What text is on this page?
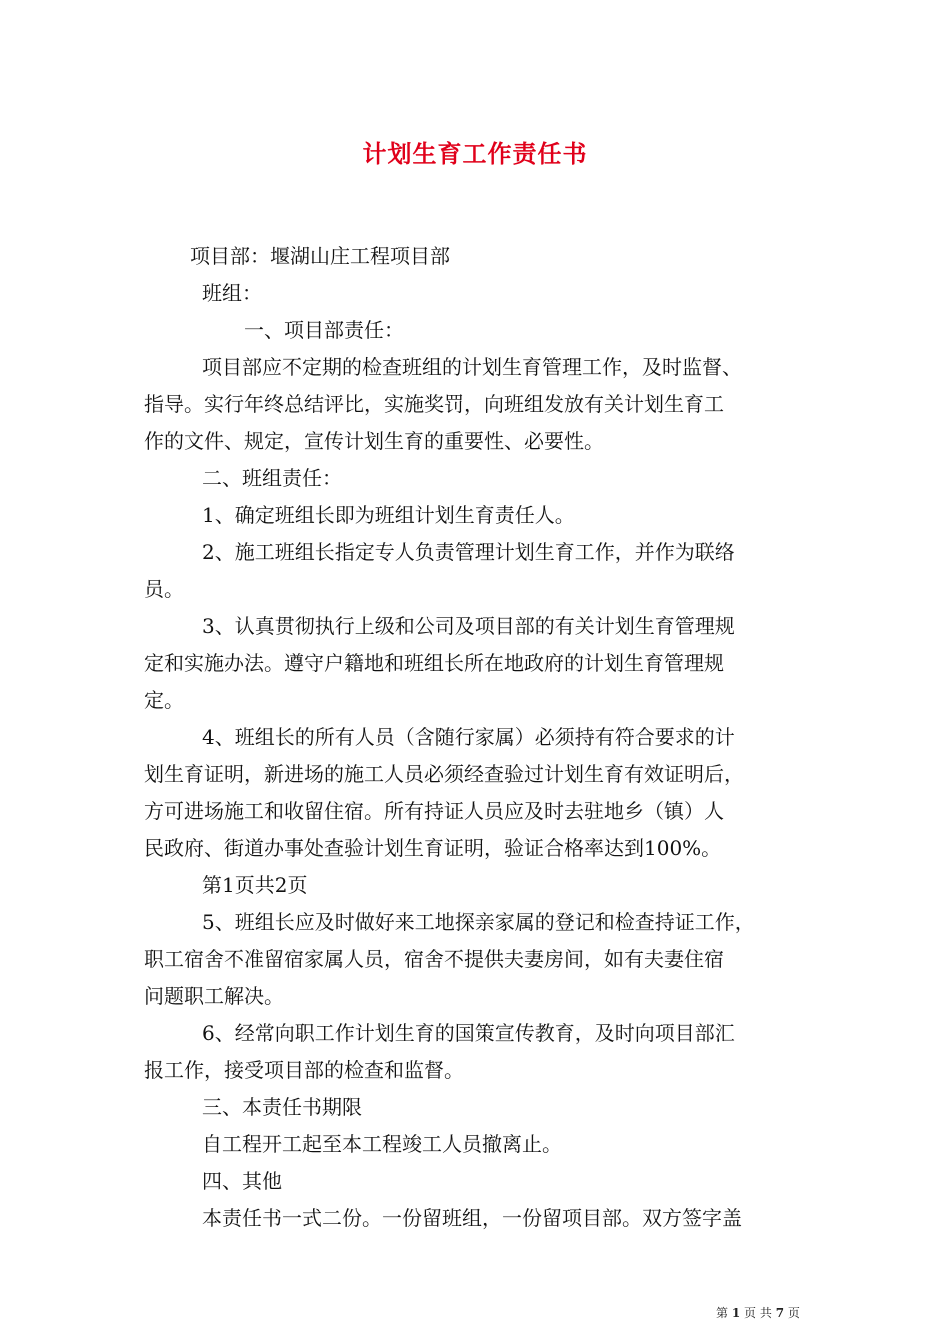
计划生育工作责任书
项目部：堰湖山庄工程项目部
班组：
一、项目部责任：
项目部应不定期的检查班组的计划生育管理工作，及时监督、
指导。实行年终总结评比，实施奖罚，向班组发放有关计划生育工
作的文件、规定，宣传计划生育的重要性、必要性。
二、班组责任：
1、确定班组长即为班组计划生育责任人。
2、施工班组长指定专人负责管理计划生育工作，并作为联络
员。
3、认真贯彻执行上级和公司及项目部的有关计划生育管理规
定和实施办法。遵守户籍地和班组长所在地政府的计划生育管理规
定。
4、班组长的所有人员（含随行家属）必须持有符合要求的计
划生育证明，新进场的施工人员必须经查验过计划生育有效证明后，
方可进场施工和收留住宿。所有持证人员应及时去驻地乡（镇）人
民政府、街道办事处查验计划生育证明，验证合格率达到100%。
第1页共2页
5、班组长应及时做好来工地探亲家属的登记和检查持证工作，
职工宿舍不准留宿家属人员，宿舍不提供夫妻房间，如有夫妻住宿
问题职工解决。
6、经常向职工作计划生育的国策宣传教育，及时向项目部汇
报工作，接受项目部的检查和监督。
三、本责任书期限
自工程开工起至本工程竣工人员撤离止。
四、其他
本责任书一式二份。一份留班组，一份留项目部。双方签字盖
第 1 页 共 7 页
